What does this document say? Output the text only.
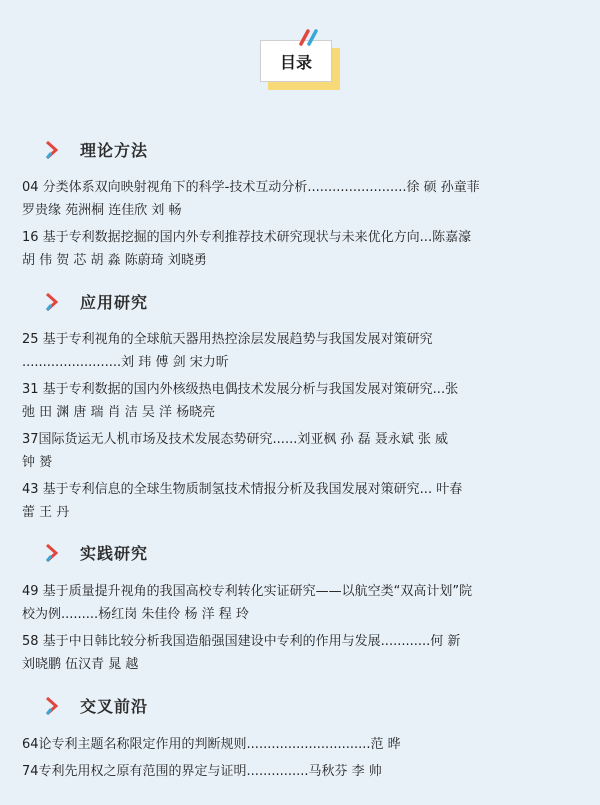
目录
理论方法
04 分类体系双向映射视角下的科学-技术互动分析........................徐 硕 孙童菲
罗贵缘 苑洲桐 连佳欣 刘 畅
16 基于专利数据挖掘的国内外专利推荐技术研究现状与未来优化方向...陈嘉濠
胡 伟 贺 芯 胡 淼 陈蔚琦 刘晓勇
应用研究
25 基于专利视角的全球航天器用热控涂层发展趋势与我国发展对策研究
........................刘 玮 傅 剑 宋力昕
31 基于专利数据的国内外核级热电偶技术发展分析与我国发展对策研究...张
弛 田 渊 唐 瑞 肖 洁 吴 洋 杨晓亮
37国际货运无人机市场及技术发展态势研究......刘亚枫 孙 磊 聂永斌 张 威
钟 赟
43 基于专利信息的全球生物质制氢技术情报分析及我国发展对策研究... 叶春
蕾 王 丹
实践研究
49 基于质量提升视角的我国高校专利转化实证研究——以航空类“双高计划”院
校为例.........杨红岗 朱佳伶 杨 洋 程 玲
58 基于中日韩比较分析我国造船强国建设中专利的作用与发展............何 新
刘晓鹏 伍汉青 晁 越
交叉前沿
64论专利主题名称限定作用的判断规则..............................范 晔
74专利先用权之原有范围的界定与证明...............马秋芬 李 帅
